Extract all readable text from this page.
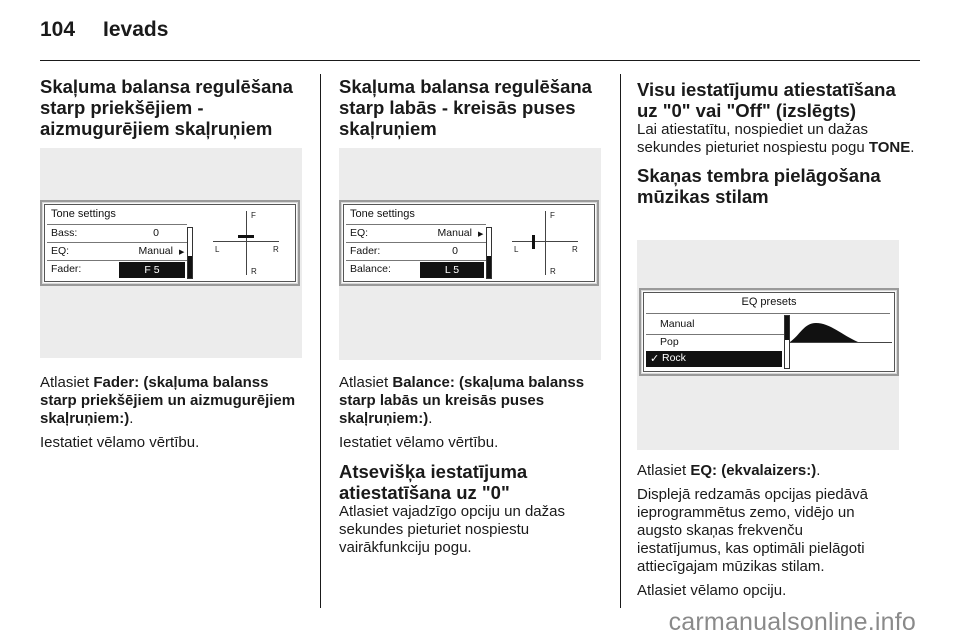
104 Ievads

Skaļuma balansa regulēšana starp priekšējiem - aizmugurējiem skaļruņiem

Tone settings
Bass:	0
EQ:	Manual ▶
Fader:	F 5
F
L	R
R

Atlasiet Fader: (skaļuma balanss starp priekšējiem un aizmugurējiem skaļruņiem:).

Iestatiet vēlamo vērtību.

Skaļuma balansa regulēšana starp labās - kreisās puses skaļruņiem

Tone settings
EQ:	Manual ▶
Fader:	0
Balance:	L 5
F
L	R
R

Atlasiet Balance: (skaļuma balanss starp labās un kreisās puses skaļruņiem:).

Iestatiet vēlamo vērtību.

Atsevišķa iestatījuma atiestatīšana uz "0"

Atlasiet vajadzīgo opciju un dažas sekundes pieturiet nospiestu vairākfunkciju pogu.

Visu iestatījumu atiestatīšana uz "0" vai "Off" (izslēgts)

Lai atiestatītu, nospiediet un dažas sekundes pieturiet nospiestu pogu TONE.

Skaņas tembra pielāgošana mūzikas stilam

EQ presets
Manual
Pop
✓ Rock

Atlasiet EQ: (ekvalaizers:).

Displejā redzamās opcijas piedāvā ieprogrammētus zemo, vidējo un augsto skaņas frekvenču iestatījumus, kas optimāli pielāgoti attiecīgajam mūzikas stilam.

Atlasiet vēlamo opciju.

carmanualsonline.info
